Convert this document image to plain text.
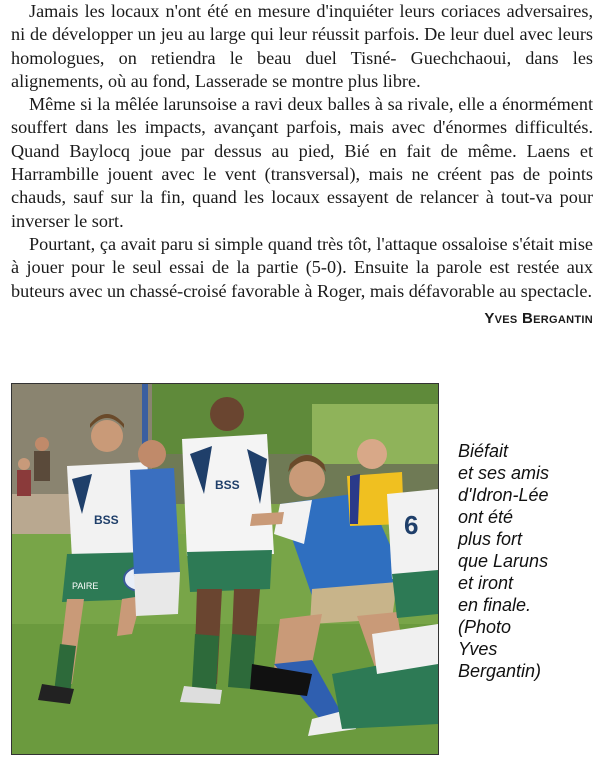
Jamais les locaux n'ont été en mesure d'inquiéter leurs coriaces adversaires, ni de développer un jeu au large qui leur réussit parfois. De leur duel avec leurs homologues, on retiendra le beau duel Tisné- Guechchaoui, dans les alignements, où au fond, Lasserade se montre plus libre.

Même si la mêlée larunsoise a ravi deux balles à sa rivale, elle a énormément souffert dans les impacts, avançant parfois, mais avec d'énormes difficultés. Quand Baylocq joue par dessus au pied, Bié en fait de même. Laens et Harrambille jouent avec le vent (transversal), mais ne créent pas de points chauds, sauf sur la fin, quand les locaux essayent de relancer à tout-va pour inverser le sort.

Pourtant, ça avait paru si simple quand très tôt, l'attaque ossaloise s'était mise à jouer pour le seul essai de la partie (5-0). Ensuite la parole est restée aux buteurs avec un chassé-croisé favorable à Roger, mais défavorable au spectacle.

Yves Bergantin
BSS
PAIRE
BSS
6
Biéfait
et ses amis
d'Idron-Lée
ont été
plus fort
que Laruns
et iront
en finale.
(Photo
Yves
Bergantin)
